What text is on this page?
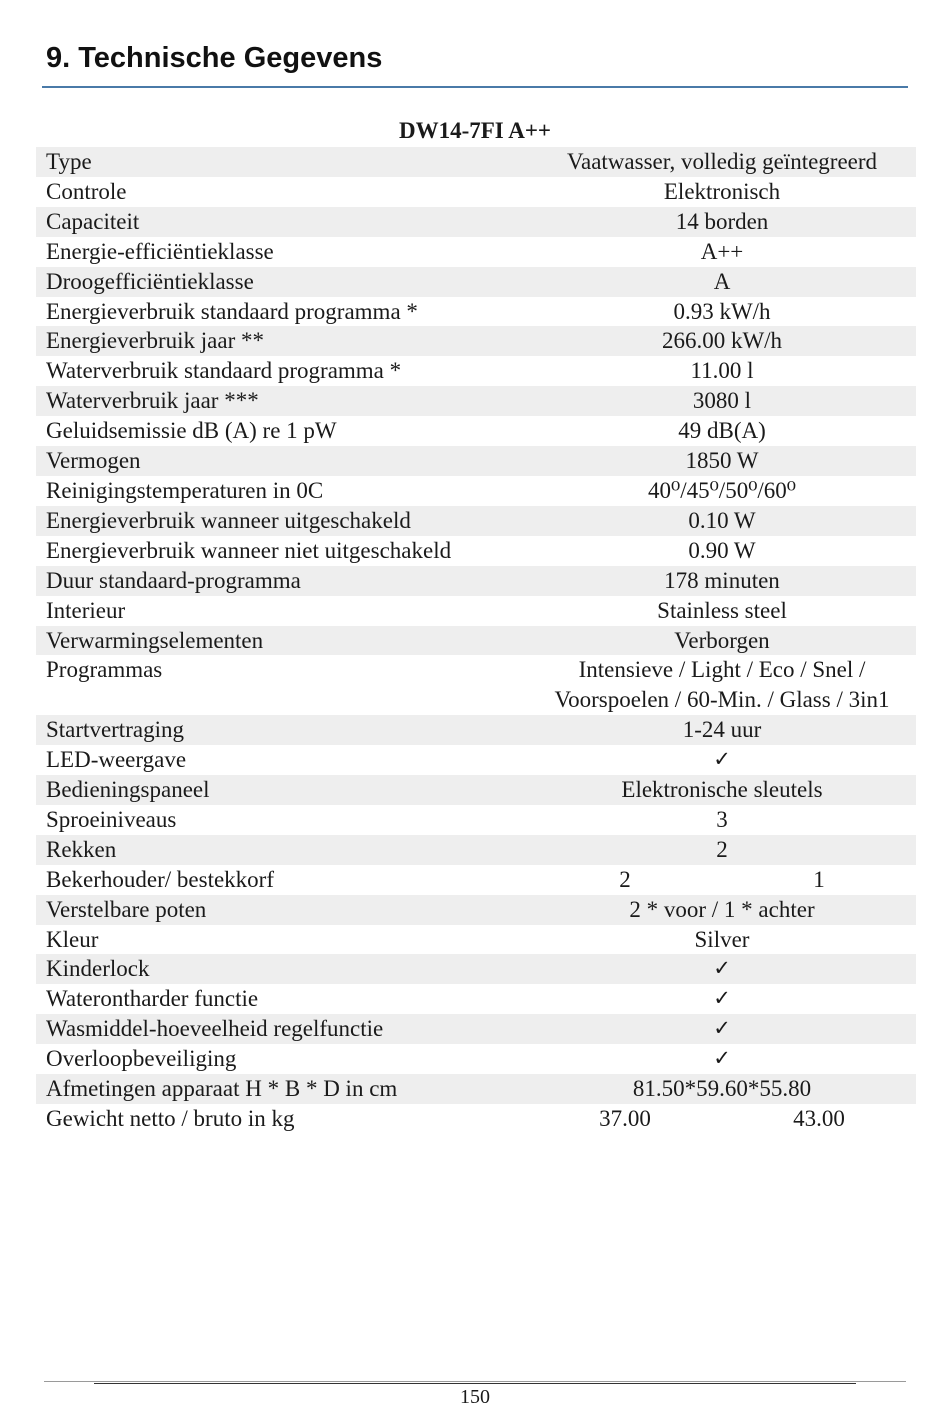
9. Technische Gegevens
DW14-7FI A++
Type	Vaatwasser, volledig geïntegreerd
Controle	Elektronisch
Capaciteit	14 borden
Energie-efficiëntieklasse	A++
Droogefficiëntieklasse	A
Energieverbruik standaard programma *	0.93 kW/h
Energieverbruik jaar **	266.00 kW/h
Waterverbruik standaard programma *	11.00 l
Waterverbruik jaar ***	3080 l
Geluidsemissie dB (A) re 1 pW	49 dB(A)
Vermogen	1850 W
Reinigingstemperaturen in 0C	40⁰/45⁰/50⁰/60⁰
Energieverbruik wanneer uitgeschakeld	0.10 W
Energieverbruik wanneer niet uitgeschakeld	0.90 W
Duur standaard-programma	178 minuten
Interieur	Stainless steel
Verwarmingselementen	Verborgen
Programmas	Intensieve / Light / Eco / Snel / Voorspoelen / 60-Min. / Glass / 3in1
Startvertraging	1-24 uur
LED-weergave	✓
Bedieningspaneel	Elektronische sleutels
Sproeiniveaus	3
Rekken	2
Bekerhouder/ bestekkorf	2 1

Verstelbare poten	2 * voor / 1 * achter
Kleur	Silver
Kinderlock	✓
Waterontharder functie	✓
Wasmiddel-hoeveelheid regelfunctie	✓
Overloopbeveiliging	✓
Afmetingen apparaat H * B * D in cm	81.50*59.60*55.80
Gewicht netto / bruto in kg	37.00 43.00
150
